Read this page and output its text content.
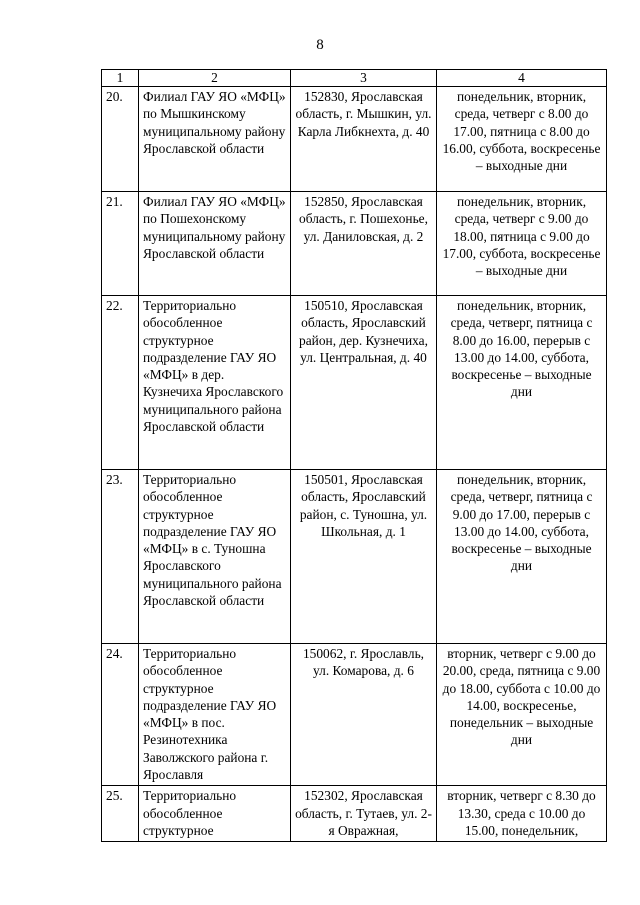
8
1	2	3	4
20.	Филиал ГАУ ЯО «МФЦ» по Мышкинскому муниципальному району Ярославской области	152830, Ярославская область, г. Мышкин, ул. Карла Либкнехта, д. 40	понедельник, вторник, среда, четверг с 8.00 до 17.00, пятница с 8.00 до 16.00, суббота, воскресенье – выходные дни
21.	Филиал ГАУ ЯО «МФЦ» по Пошехонскому муниципальному району Ярославской области	152850, Ярославская область, г. Пошехонье, ул. Даниловская, д. 2	понедельник, вторник, среда, четверг с 9.00 до 18.00, пятница с 9.00 до 17.00, суббота, воскресенье – выходные дни
22.	Территориально обособленное структурное подразделение ГАУ ЯО «МФЦ» в дер. Кузнечиха Ярославского муниципального района Ярославской области	150510, Ярославская область, Ярославский район, дер. Кузнечиха, ул. Центральная, д. 40	понедельник, вторник, среда, четверг, пятница с 8.00 до 16.00, перерыв с 13.00 до 14.00, суббота, воскресенье – выходные дни
23.	Территориально обособленное структурное подразделение ГАУ ЯО «МФЦ» в с. Туношна Ярославского муниципального района Ярославской области	150501, Ярославская область, Ярославский район, с. Туношна, ул. Школьная, д. 1	понедельник, вторник, среда, четверг, пятница с 9.00 до 17.00, перерыв с 13.00 до 14.00, суббота, воскресенье – выходные дни
24.	Территориально обособленное структурное подразделение ГАУ ЯО «МФЦ» в пос. Резинотехника Заволжского района г. Ярославля	150062, г. Ярославль, ул. Комарова, д. 6	вторник, четверг с 9.00 до 20.00, среда, пятница с 9.00 до 18.00, суббота с 10.00 до 14.00, воскресенье, понедельник – выходные дни
25.	Территориально обособленное структурное	152302, Ярославская область, г. Тутаев, ул. 2-я Овражная,	вторник, четверг с 8.30 до 13.30, среда с 10.00 до 15.00, понедельник,
